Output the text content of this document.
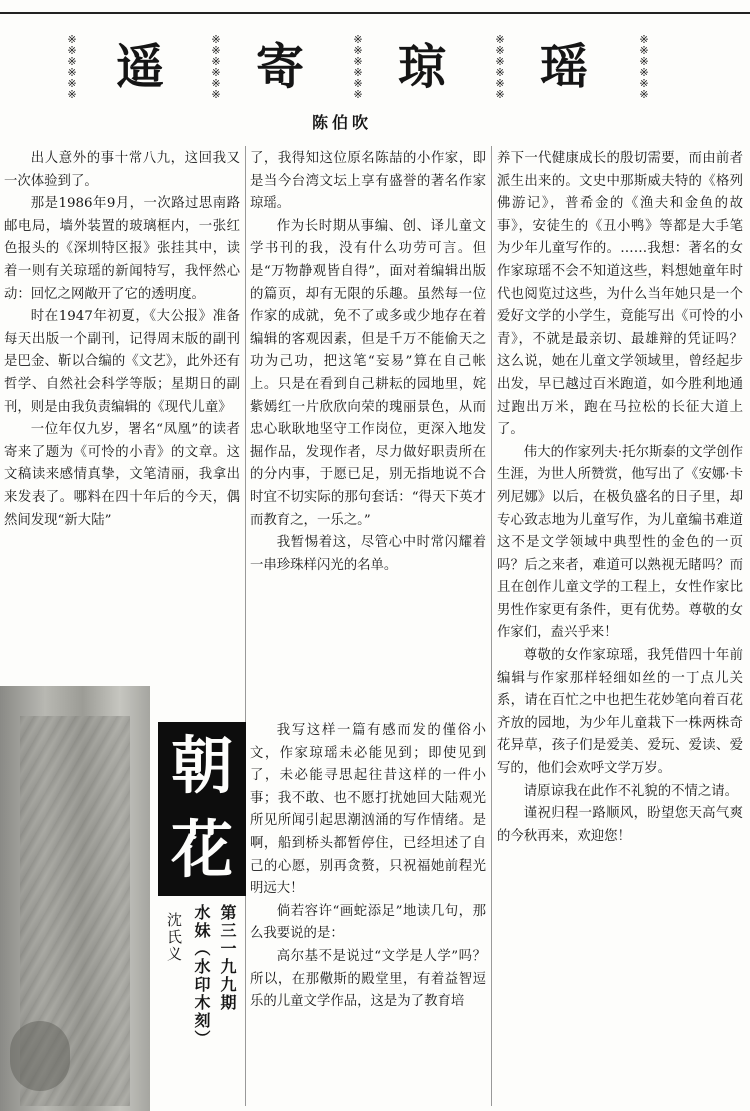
※
※
※
※
※
※ 遥	※
※
※
※
※
※ 寄	※
※
※
※
※
※ 琼	※
※
※
※
※
※ 瑶	※
※
※
※
※
※
陈伯吹

出人意外的事十常八九，这回我又一次体验到了。

那是1986年9月，一次路过思南路邮电局，墙外装置的玻璃框内，一张红色报头的《深圳特区报》张挂其中，读着一则有关琼瑶的新闻特写，我怦然心动：回忆之网敞开了它的透明度。

时在1947年初夏，《大公报》准备每天出版一个副刊，记得周末版的副刊是巴金、靳以合编的《文艺》，此外还有哲学、自然社会科学等版；星期日的副刊，则是由我负责编辑的《现代儿童》

一位年仅九岁，署名“凤凰”的读者寄来了题为《可怜的小青》的文章。这文稿读来感情真挚，文笔清丽，我拿出来发表了。哪料在四十年后的今天，偶然间发现“新大陆”

了，我得知这位原名陈喆的小作家，即是当今台湾文坛上享有盛誉的著名作家琼瑶。

作为长时期从事编、创、译儿童文学书刊的我，没有什么功劳可言。但是“万物静观皆自得”，面对着编辑出版的篇页，却有无限的乐趣。虽然每一位作家的成就，免不了或多或少地存在着编辑的客观因素，但是千万不能偷天之功为己功，把这笔“妄易”算在自己帐上。只是在看到自己耕耘的园地里，姹紫嫣红一片欣欣向荣的瑰丽景色，从而忠心耿耿地坚守工作岗位，更深入地发掘作品，发现作者，尽力做好职责所在的分内事，于愿已足，别无指地说不合时宜不切实际的那句套话：“得天下英才而教育之，一乐之。”

我暂惕着这，尽管心中时常闪耀着一串珍珠样闪光的名单。

我写这样一篇有感而发的僅俗小文，作家琼瑶未必能见到；即使见到了，未必能寻思起往昔这样的一件小事；我不敢、也不愿打扰她回大陆观光所见所闻引起思潮汹涌的写作情绪。是啊，船到桥头都暂停住，已经坦述了自己的心愿，别再贪赘，只祝福她前程光明远大！

倘若容许“画蛇添足”地读几句，那么我要说的是：

高尔基不是说过“文学是人学”吗？所以，在那儆斯的殿堂里，有着益智逗乐的儿童文学作品，这是为了教育培

养下一代健康成长的殷切需要，而由前者派生出来的。文史中那斯威夫特的《格列佛游记》，普希金的《渔夫和金鱼的故事》，安徒生的《丑小鸭》等都是大手笔为少年儿童写作的。……我想：著名的女作家琼瑶不会不知道这些，料想她童年时代也阅览过这些，为什么当年她只是一个爱好文学的小学生，竟能写出《可怜的小青》，不就是最亲切、最雄辩的凭证吗？这么说，她在儿童文学领域里，曾经起步出发，早已越过百米跑道，如今胜利地通过跑出万米，跑在马拉松的长征大道上了。

伟大的作家列夫·托尔斯泰的文学创作生涯，为世人所赞赏，他写出了《安娜·卡列尼娜》以后，在极负盛名的日子里，却专心致志地为儿童写作，为儿童编书难道这不是文学领域中典型性的金色的一页吗？后之来者，难道可以熟视无睹吗？而且在创作儿童文学的工程上，女性作家比男性作家更有条件，更有优势。尊敬的女作家们，盍兴乎来！

尊敬的女作家琼瑶，我凭借四十年前编辑与作家那样轻细如丝的一丁点儿关系，请在百忙之中也把生花妙笔向着百花齐放的园地，为少年儿童栽下一株两株奇花异草，孩子们是爱美、爱玩、爱读、爱写的，他们会欢呼文学万岁。

请原谅我在此作不礼貌的不情之请。

谨祝归程一路顺风，盼望您天高气爽的今秋再来，欢迎您！

朝
花
第三一九九期
水妹（水印木刻）
沈氏义
